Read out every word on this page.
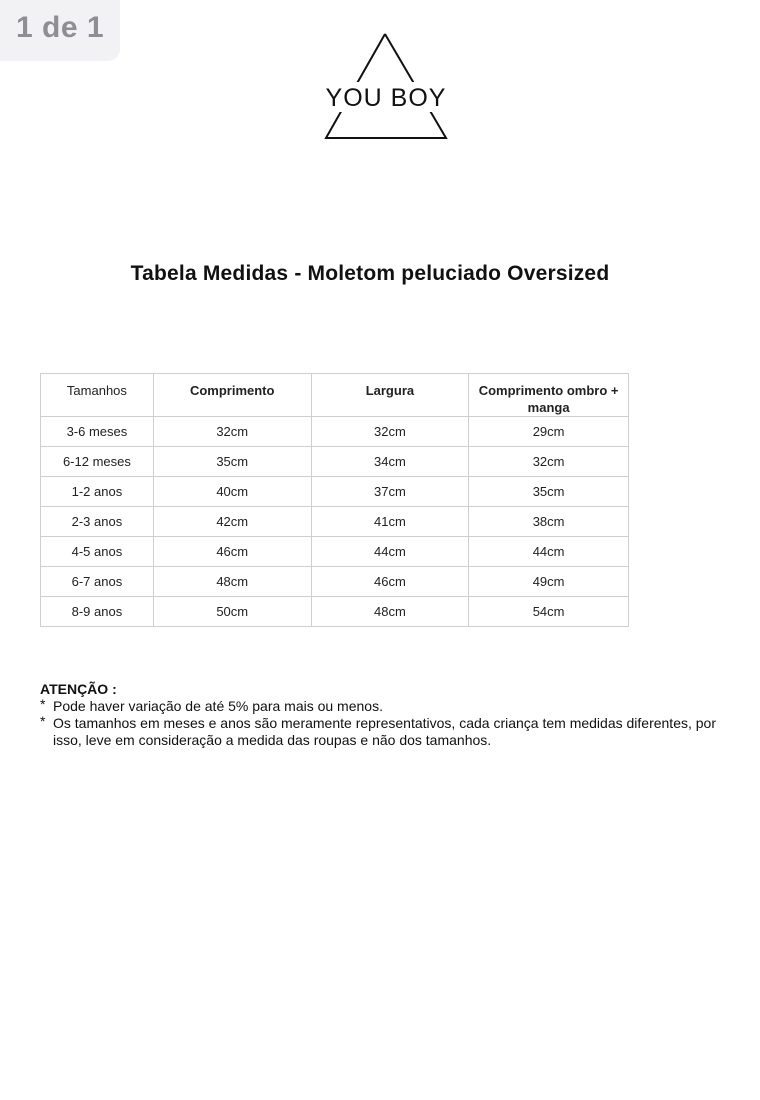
1 de 1
YOU BOY
Tabela Medidas - Moletom peluciado Oversized
Tamanhos	Comprimento	Largura	Comprimento ombro + manga
3-6 meses	32cm	32cm	29cm
6-12 meses	35cm	34cm	32cm
1-2 anos	40cm	37cm	35cm
2-3 anos	42cm	41cm	38cm
4-5 anos	46cm	44cm	44cm
6-7 anos	48cm	46cm	49cm
8-9 anos	50cm	48cm	54cm
ATENÇÃO :
* Pode haver variação de até 5% para mais ou menos.
* Os tamanhos em meses e anos são meramente representativos, cada criança tem medidas diferentes, por isso, leve em consideração a medida das roupas e não dos tamanhos.
